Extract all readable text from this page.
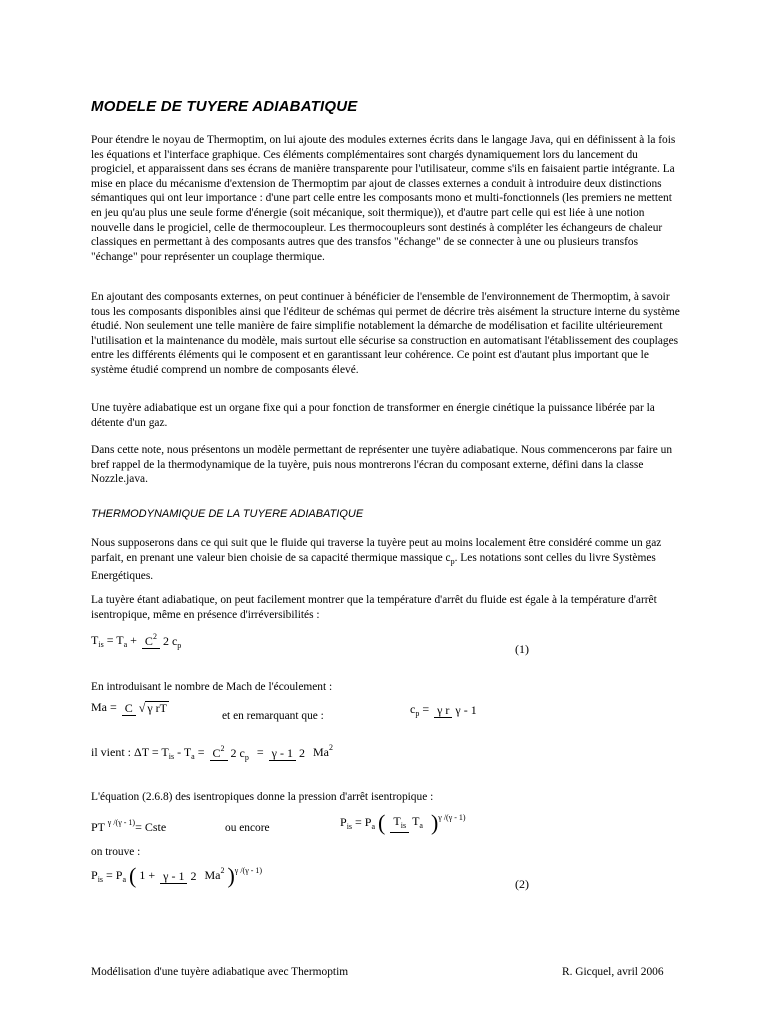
MODELE DE TUYERE ADIABATIQUE

Pour étendre le noyau de Thermoptim, on lui ajoute des modules externes écrits dans le langage Java, qui en définissent à la fois les équations et l'interface graphique. Ces éléments complémentaires sont chargés dynamiquement lors du lancement du progiciel, et apparaissent dans ses écrans de manière transparente pour l'utilisateur, comme s'ils en faisaient partie intégrante. La mise en place du mécanisme d'extension de Thermoptim par ajout de classes externes a conduit à introduire deux distinctions sémantiques qui ont leur importance : d'une part celle entre les composants mono et multi-fonctionnels (les premiers ne mettent en jeu qu'au plus une seule forme d'énergie (soit mécanique, soit thermique)), et d'autre part celle qui est liée à une notion nouvelle dans le progiciel, celle de thermocoupleur. Les thermocoupleurs sont destinés à compléter les échangeurs de chaleur classiques en permettant à des composants autres que des transfos "échange" de se connecter à une ou plusieurs transfos "échange" pour représenter un couplage thermique.

En ajoutant des composants externes, on peut continuer à bénéficier de l'ensemble de l'environnement de Thermoptim, à savoir tous les composants disponibles ainsi que l'éditeur de schémas qui permet de décrire très aisément la structure interne du système étudié. Non seulement une telle manière de faire simplifie notablement la démarche de modélisation et facilite ultérieurement l'utilisation et la maintenance du modèle, mais surtout elle sécurise sa construction en automatisant l'établissement des couplages entre les différents éléments qui le composent et en garantissant leur cohérence. Ce point est d'autant plus important que le système étudié comprend un nombre de composants élevé.

Une tuyère adiabatique est un organe fixe qui a pour fonction de transformer en énergie cinétique la puissance libérée par la détente d'un gaz.

Dans cette note, nous présentons un modèle permettant de représenter une tuyère adiabatique. Nous commencerons par faire un bref rappel de la thermodynamique de la tuyère, puis nous montrerons l'écran du composant externe, défini dans la classe Nozzle.java.

THERMODYNAMIQUE DE LA TUYERE ADIABATIQUE

Nous supposerons dans ce qui suit que le fluide qui traverse la tuyère peut au moins localement être considéré comme un gaz parfait, en prenant une valeur bien choisie de sa capacité thermique massique $c_p$. Les notations sont celles du livre Systèmes Energétiques.

La tuyère étant adiabatique, on peut facilement montrer que la température d'arrêt du fluide est égale à la température d'arrêt isentropique, même en présence d'irréversibilités :

$T_{is} = T_a + C^2$ 2 $c_p$	(1)

En introduisant le nombre de Mach de l'écoulement :

Ma = C √ γ rT
et en remarquant que :	$c_p = \gamma$ r γ - 1
il vient : $\Delta T = T_{is} - T_a = C^2$ 2 $c_p = \gamma - 1$ 2 Ma$^2$

L'équation (2.6.8) des isentropiques donne la pression d'arrêt isentropique :

PT $^{\gamma /(\gamma - 1)}$= Cste	ou encore	$P_{is} = P_a$ ( $T_{is}$ $T_a$ )$^{\gamma /(\gamma - 1)}$

on trouve :

$P_{is} = P_a$ ( 1 + γ - 1 2 Ma$^2$ )$^{\gamma /(\gamma - 1)}$
(2)
Modélisation d'une tuyère adiabatique avec Thermoptim	R. Gicquel, avril 2006
